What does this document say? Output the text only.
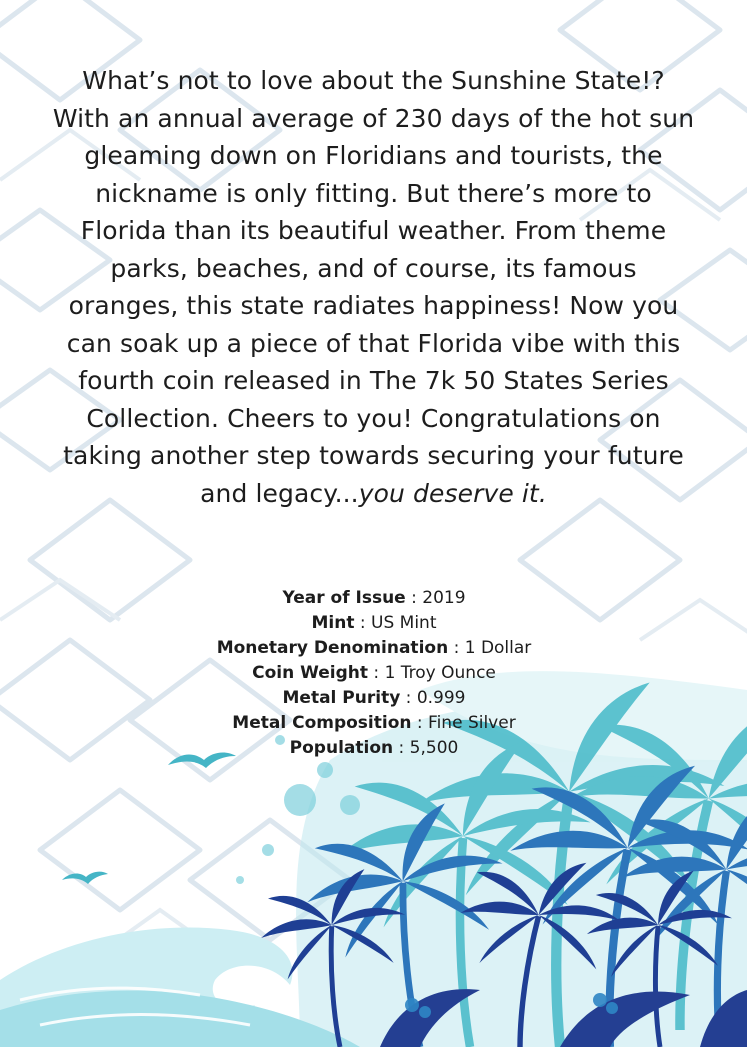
What’s not to love about the Sunshine State!? With an annual average of 230 days of the hot sun gleaming down on Floridians and tourists, the nickname is only fitting. But there’s more to Florida than its beautiful weather. From theme parks, beaches, and of course, its famous oranges, this state radiates happiness! Now you can soak up a piece of that Florida vibe with this fourth coin released in The 7k 50 States Series Collection. Cheers to you! Congratulations on taking another step towards securing your future and legacy...you deserve it.

Year of Issue : 2019
Mint : US Mint
Monetary Denomination : 1 Dollar
Coin Weight : 1 Troy Ounce
Metal Purity : 0.999
Metal Composition : Fine Silver
Population : 5,500
